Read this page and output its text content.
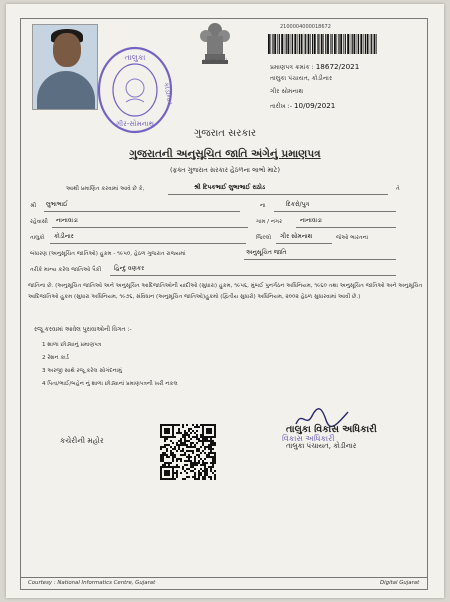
તાલુકા
કોડીનાર
ગીર-સોમનાથ
સત્યમેવ જયતે
2100004000018672
પ્રમાણપત્ર ક્રમાંક : 18672/2021
તાલુકા પંચાયત, કોડીનાર
ગીર સોમનાથ
તારીખ :- 10/09/2021
ગુજરાત સરકાર
ગુજરાતની અનુસૂચિત જાતિ અંગેનું પ્રમાણપત્ર
(ફક્ત ગુજરાત સરકાર હેઠળના લાભો માટે)
આથી પ્રમાણિત કરવામાં આવે છે કે,	શ્રી દિપકભાઈ લુભાભાઈ રાઠોડ	તે
શ્રી લુભાભાઈ	ના	દિકરો/પુત્ર
રહેવાસી નાનાવાડા	ગામ / નગર	નાનાવાડા
તાલુકો કોડીનાર	જિલ્લો ગીર સોમનાથ	જેઓ ભારતના
બંધારણ (અનુસૂચિત જાતિઓ) હુકમ - ૧૯૫૦, હેઠળ ગુજરાત રાજ્યમાં	અનુસૂચિત જાતિ
તરીકે માન્ય કરેલ જાતિઓ પૈકી હિન્દુ વણકર
જાતિના છે. (અનુસૂચિત જાતિઓ અને અનુસૂચિત આદિજાતિઓની યાદીઓ (સુધારા) હુકમ, ૧૯૫૬, મુંબઈ પુનર્ગઠન અધિનિયમ, ૧૯૬૦ તથા અનુસૂચિત જાતિઓ અને અનુસૂચિત આદિજાતિઓ હુકમ (સુધારા અધિનિયમ, ૧૯૭૬, સંવિધાન (અનુસૂચિત જાતિઓ)હુકમો (દ્વિતીય સુધારો) અધિનિયમ, ૨૦૦૨ હેઠળ સુધારવામાં આવી છે.)
રજૂ કરવામાં આવેલ પુરાવાઓની વિગત :-
1 શાળા છોડ્યાનું પ્રમાણપત્ર
2 રેશન કાર્ડ
3 અરજી સાથે રજૂ કરેલ સોગંદનામું
4 પિતા/ભાઈ/બહેન નું શાળા છોડ્યાનાં પ્રમાણપત્રની ખરી નકલ
કચેરીની મહોર
તાલુકા વિકાસ અધિકારી
વિકાસ અધિકારી
તાલુકા પંચાયત, કોડીનાર
Courtesy : National Informatics Centre, Gujarat	Digital Gujarat
